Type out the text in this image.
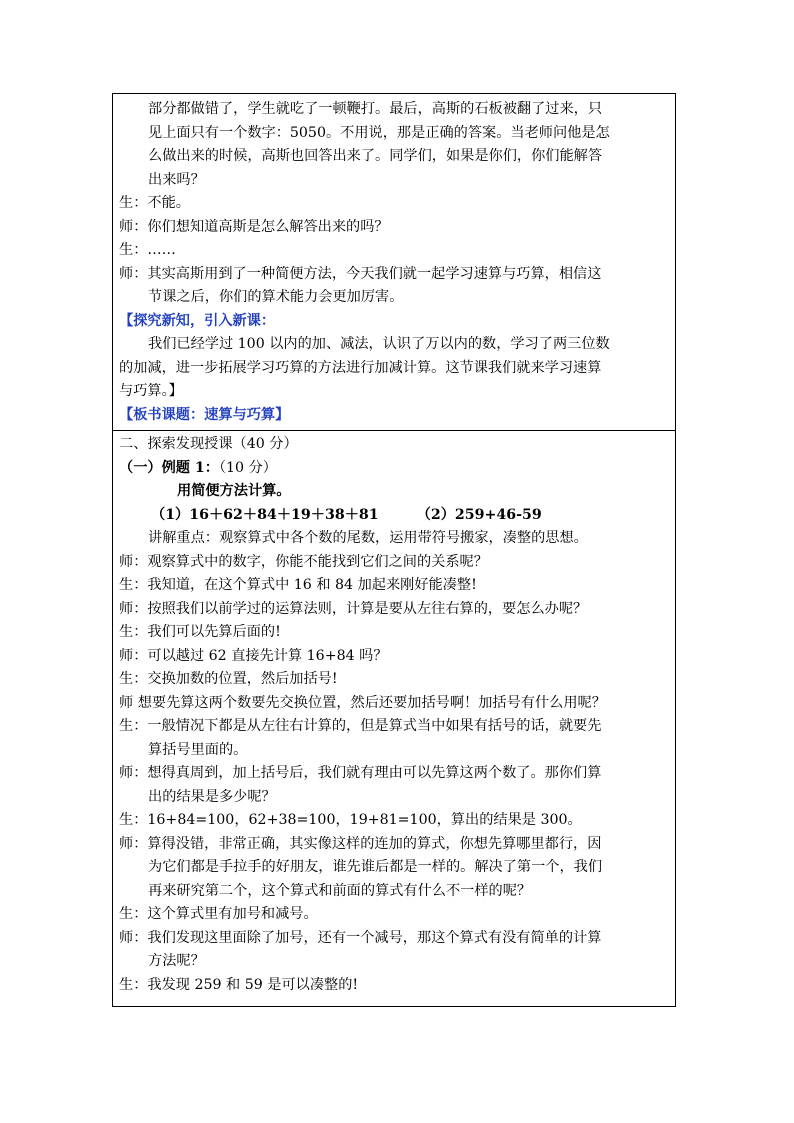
部分都做错了，学生就吃了一顿鞭打。最后，高斯的石板被翻了过来，只

见上面只有一个数字：5050。不用说，那是正确的答案。当老师问他是怎

么做出来的时候，高斯也回答出来了。同学们，如果是你们，你们能解答

出来吗？

生：不能。

师：你们想知道高斯是怎么解答出来的吗？

生：……

师：其实高斯用到了一种简便方法，今天我们就一起学习速算与巧算，相信这

节课之后，你们的算术能力会更加厉害。

【探究新知，引入新课：

我们已经学过 100 以内的加、减法，认识了万以内的数，学习了两三位数

的加减，进一步拓展学习巧算的方法进行加减计算。这节课我们就来学习速算

与巧算。】

【板书课题：速算与巧算】

二、探索发现授课（40 分）

（一）例题 1：（10 分）

用简便方法计算。

（1）16＋62＋84＋19＋38＋81	（2）259+46-59

讲解重点：观察算式中各个数的尾数，运用带符号搬家，凑整的思想。

师：观察算式中的数字，你能不能找到它们之间的关系呢？

生：我知道，在这个算式中 16 和 84 加起来刚好能凑整!

师：按照我们以前学过的运算法则，计算是要从左往右算的，要怎么办呢？

生：我们可以先算后面的!

师：可以越过 62 直接先计算 16+84 吗？

生：交换加数的位置，然后加括号!

师 想要先算这两个数要先交换位置，然后还要加括号啊！加括号有什么用呢？

生：一般情况下都是从左往右计算的，但是算式当中如果有括号的话，就要先

算括号里面的。

师：想得真周到，加上括号后，我们就有理由可以先算这两个数了。那你们算

出的结果是多少呢？

生：16+84=100，62+38=100，19+81=100，算出的结果是 300。

师：算得没错，非常正确，其实像这样的连加的算式，你想先算哪里都行，因

为它们都是手拉手的好朋友，谁先谁后都是一样的。解决了第一个，我们

再来研究第二个，这个算式和前面的算式有什么不一样的呢？

生：这个算式里有加号和减号。

师：我们发现这里面除了加号，还有一个减号，那这个算式有没有简单的计算

方法呢？

生：我发现 259 和 59 是可以凑整的!
